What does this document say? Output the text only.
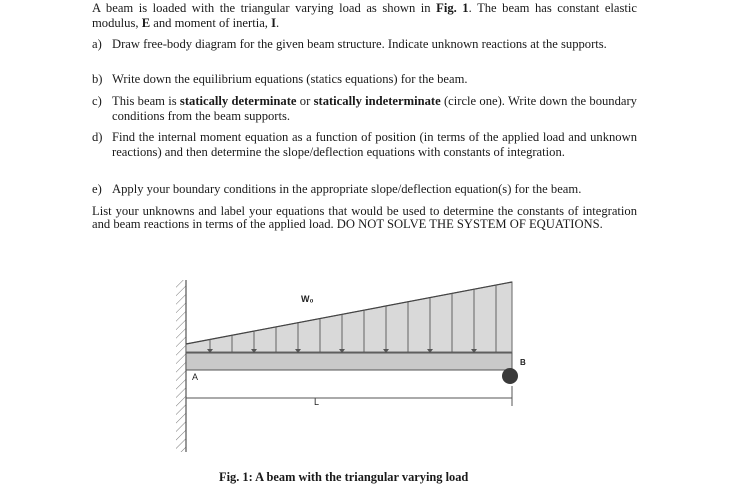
A beam is loaded with the triangular varying load as shown in Fig. 1. The beam has constant elastic modulus, E and moment of inertia, I.
a) Draw free-body diagram for the given beam structure. Indicate unknown reactions at the supports.
b) Write down the equilibrium equations (statics equations) for the beam.
c) This beam is statically determinate or statically indeterminate (circle one). Write down the boundary conditions from the beam supports.
d) Find the internal moment equation as a function of position (in terms of the applied load and unknown reactions) and then determine the slope/deflection equations with constants of integration.
e) Apply your boundary conditions in the appropriate slope/deflection equation(s) for the beam.
List your unknowns and label your equations that would be used to determine the constants of integration and beam reactions in terms of the applied load. DO NOT SOLVE THE SYSTEM OF EQUATIONS.
W₀
A
B
L
Fig. 1: A beam with the triangular varying load
